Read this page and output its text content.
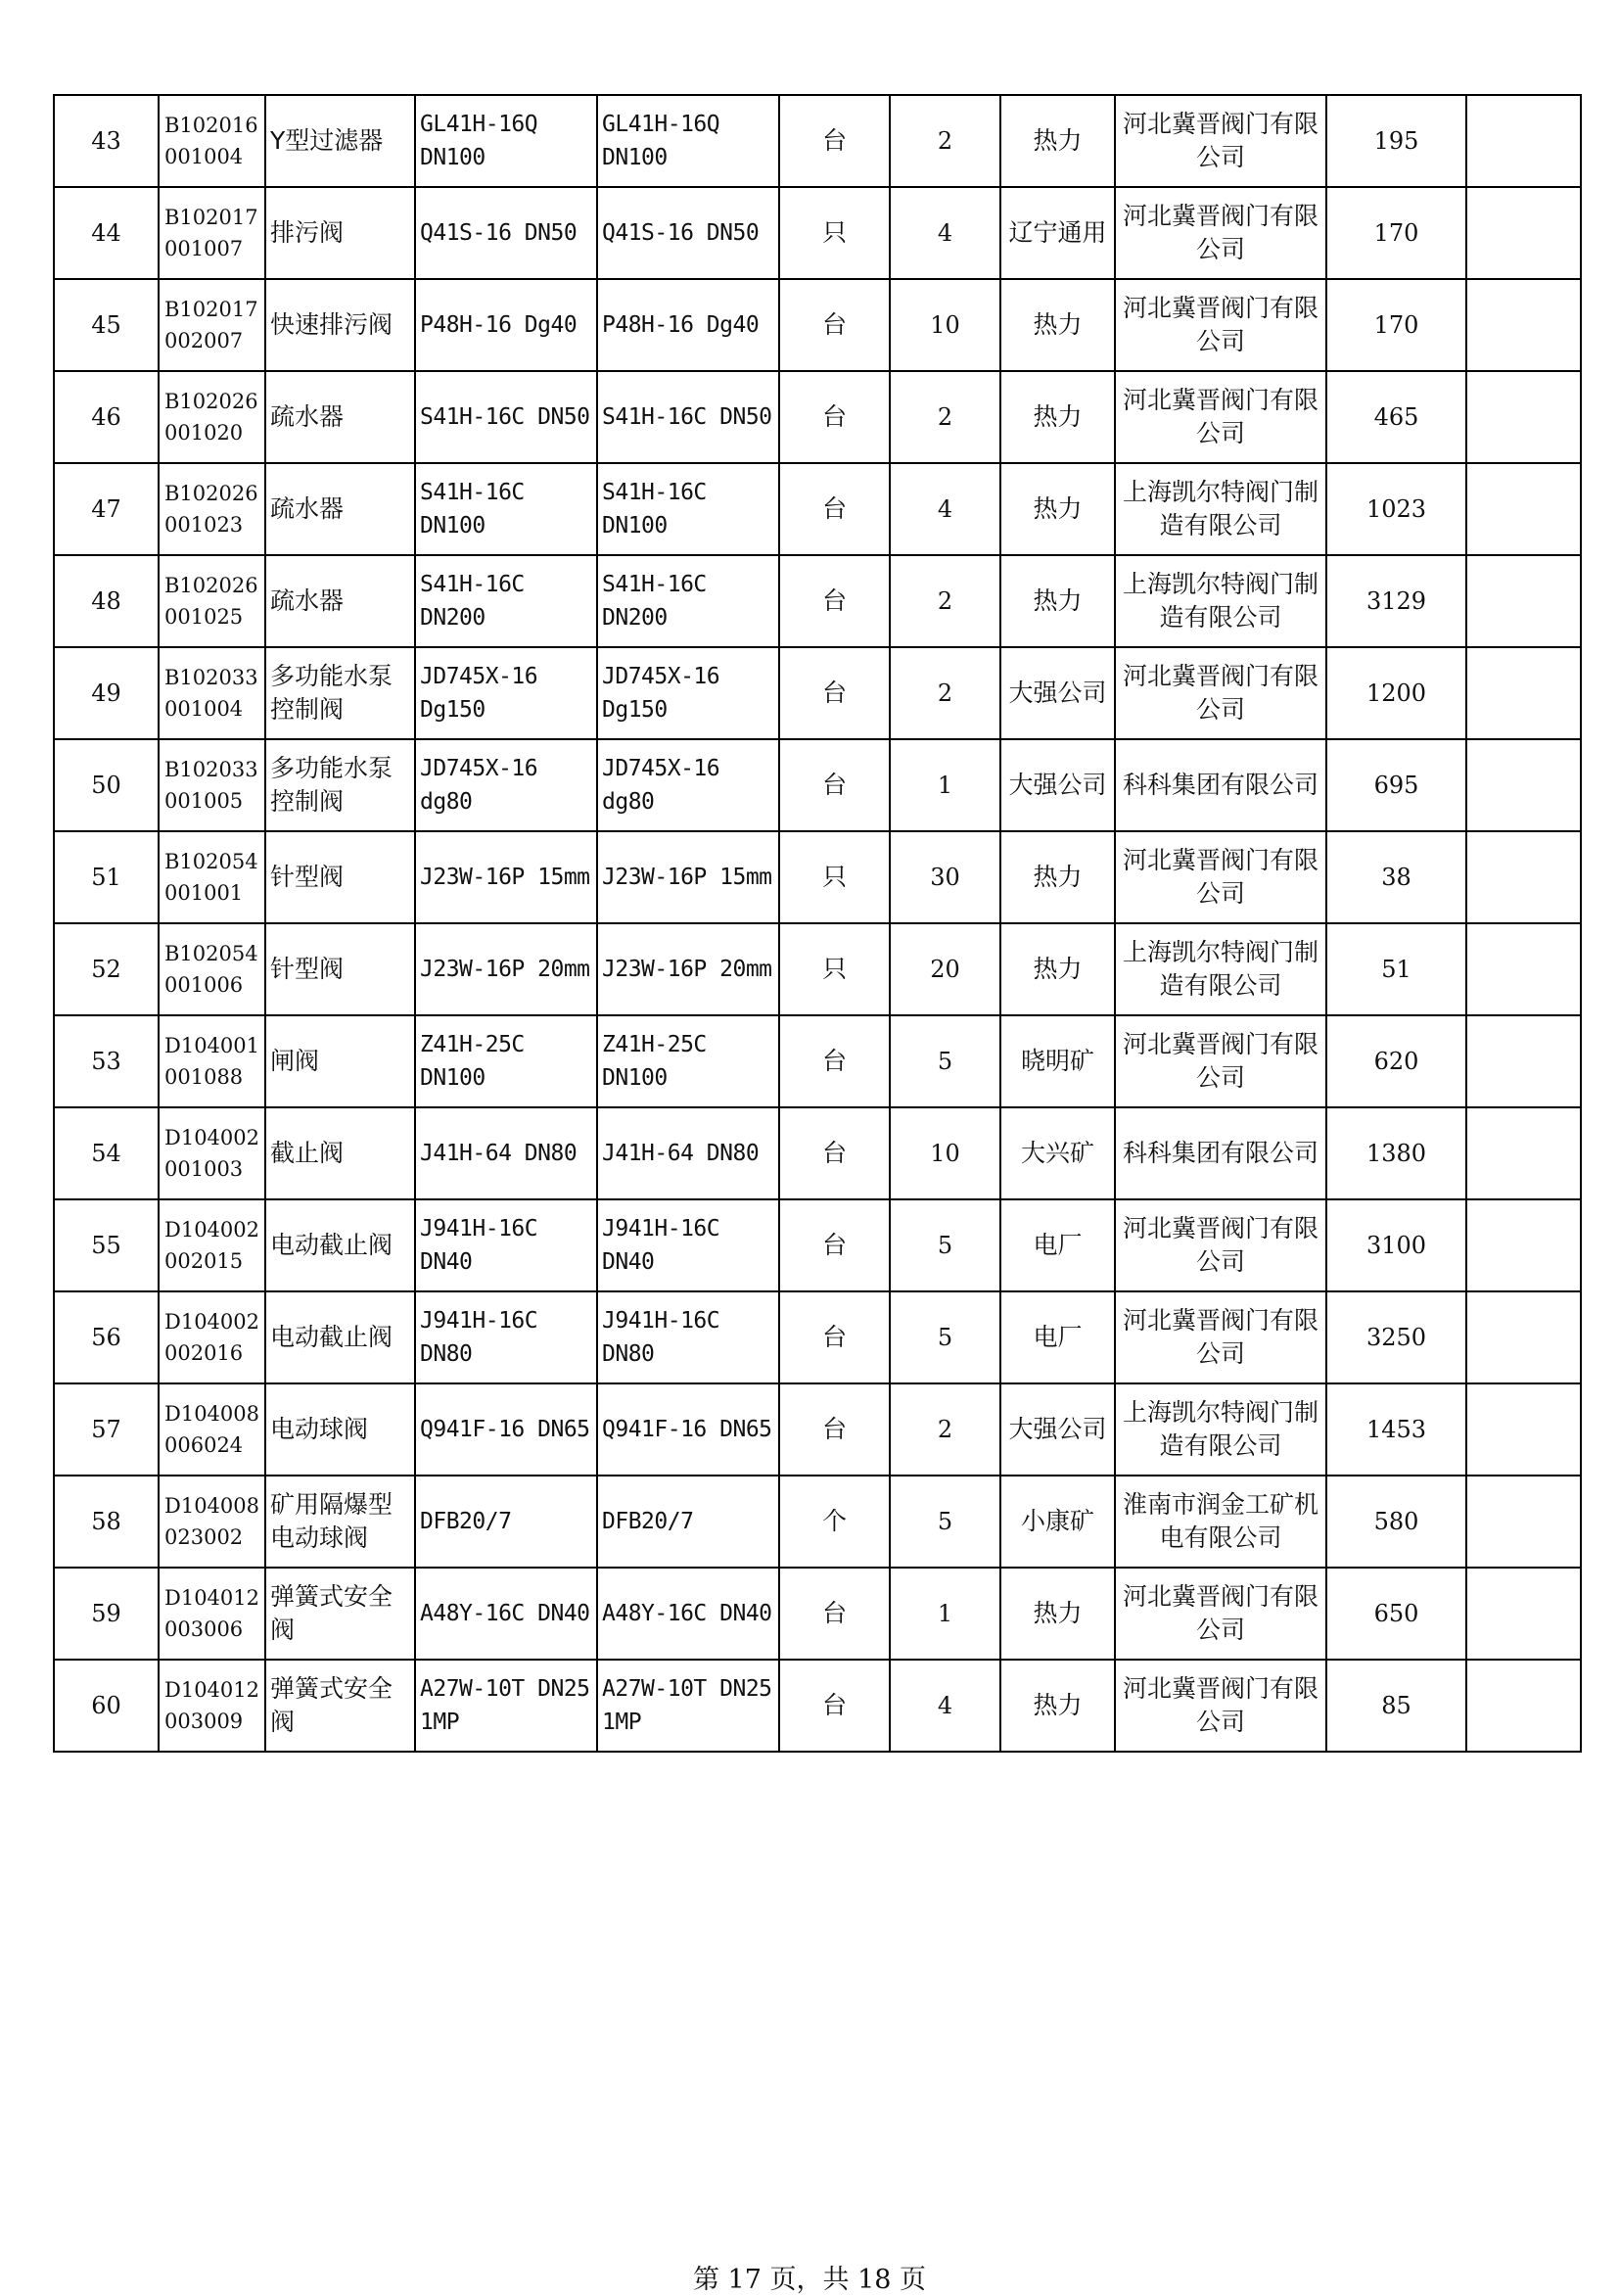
43	B102016001004	Y型过滤器	GL41H-16Q DN100	GL41H-16Q DN100	台	2	热力	河北冀晋阀门有限公司	195	
44	B102017001007	排污阀	Q41S-16 DN50	Q41S-16 DN50	只	4	辽宁通用	河北冀晋阀门有限公司	170	
45	B102017002007	快速排污阀	P48H-16 Dg40	P48H-16 Dg40	台	10	热力	河北冀晋阀门有限公司	170	
46	B102026001020	疏水器	S41H-16C DN50	S41H-16C DN50	台	2	热力	河北冀晋阀门有限公司	465	
47	B102026001023	疏水器	S41H-16C DN100	S41H-16C DN100	台	4	热力	上海凯尔特阀门制造有限公司	1023	
48	B102026001025	疏水器	S41H-16C DN200	S41H-16C DN200	台	2	热力	上海凯尔特阀门制造有限公司	3129	
49	B102033001004	多功能水泵控制阀	JD745X-16 Dg150	JD745X-16 Dg150	台	2	大强公司	河北冀晋阀门有限公司	1200	
50	B102033001005	多功能水泵控制阀	JD745X-16 dg80	JD745X-16 dg80	台	1	大强公司	科科集团有限公司	695	
51	B102054001001	针型阀	J23W-16P 15mm	J23W-16P 15mm	只	30	热力	河北冀晋阀门有限公司	38	
52	B102054001006	针型阀	J23W-16P 20mm	J23W-16P 20mm	只	20	热力	上海凯尔特阀门制造有限公司	51	
53	D104001001088	闸阀	Z41H-25C DN100	Z41H-25C DN100	台	5	晓明矿	河北冀晋阀门有限公司	620	
54	D104002001003	截止阀	J41H-64 DN80	J41H-64 DN80	台	10	大兴矿	科科集团有限公司	1380	
55	D104002002015	电动截止阀	J941H-16C DN40	J941H-16C DN40	台	5	电厂	河北冀晋阀门有限公司	3100	
56	D104002002016	电动截止阀	J941H-16C DN80	J941H-16C DN80	台	5	电厂	河北冀晋阀门有限公司	3250	
57	D104008006024	电动球阀	Q941F-16 DN65	Q941F-16 DN65	台	2	大强公司	上海凯尔特阀门制造有限公司	1453	
58	D104008023002	矿用隔爆型电动球阀	DFB20/7	DFB20/7	个	5	小康矿	淮南市润金工矿机电有限公司	580	
59	D104012003006	弹簧式安全阀	A48Y-16C DN40	A48Y-16C DN40	台	1	热力	河北冀晋阀门有限公司	650	
60	D104012003009	弹簧式安全阀	A27W-10T DN25 1MP	A27W-10T DN25 1MP	台	4	热力	河北冀晋阀门有限公司	85	
第 17 页，共 18 页
